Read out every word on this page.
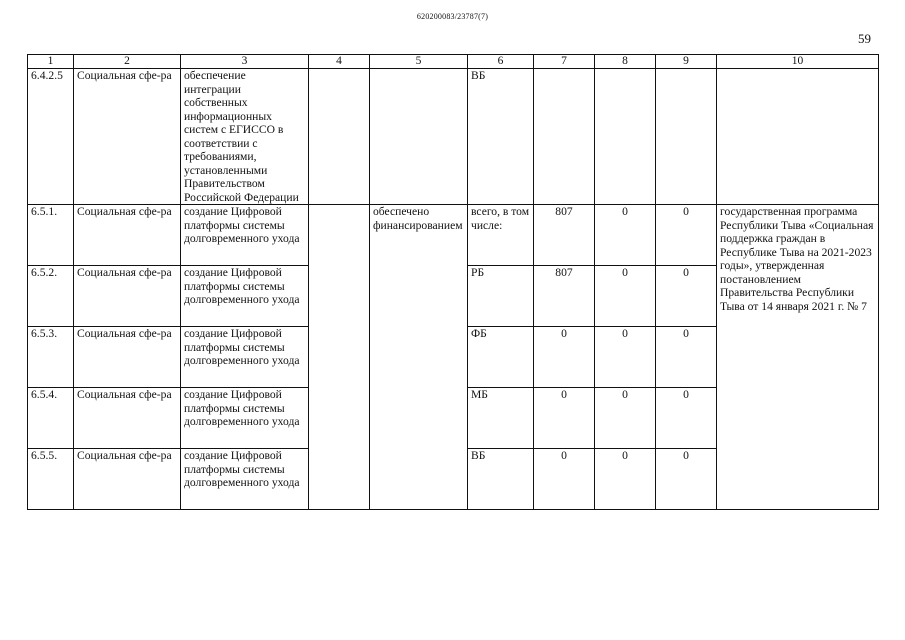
620200083/23787(7)
59
1	2	3	4	5	6	7	8	9	10
6.4.2.5	Социальная сфе-ра	обеспечение интеграции собственных информационных систем с ЕГИССО в соответствии с требованиями, установленными Правительством Российской Федерации			ВБ				
6.5.1.	Социальная сфе-ра	создание Цифровой платформы системы долговременного ухода		обеспечено финансированием	всего, в том числе:	807	0	0	государственная программа Республики Тыва «Социальная поддержка граждан в Республике Тыва на 2021-2023 годы», утвержденная постановлением Правительства Республики Тыва от 14 января 2021 г. № 7
6.5.2.	Социальная сфе-ра	создание Цифровой платформы системы долговременного ухода			РБ	807	0	0	
6.5.3.	Социальная сфе-ра	создание Цифровой платформы системы долговременного ухода			ФБ	0	0	0	
6.5.4.	Социальная сфе-ра	создание Цифровой платформы системы долговременного ухода			МБ	0	0	0	
6.5.5.	Социальная сфе-ра	создание Цифровой платформы системы долговременного ухода			ВБ	0	0	0	
